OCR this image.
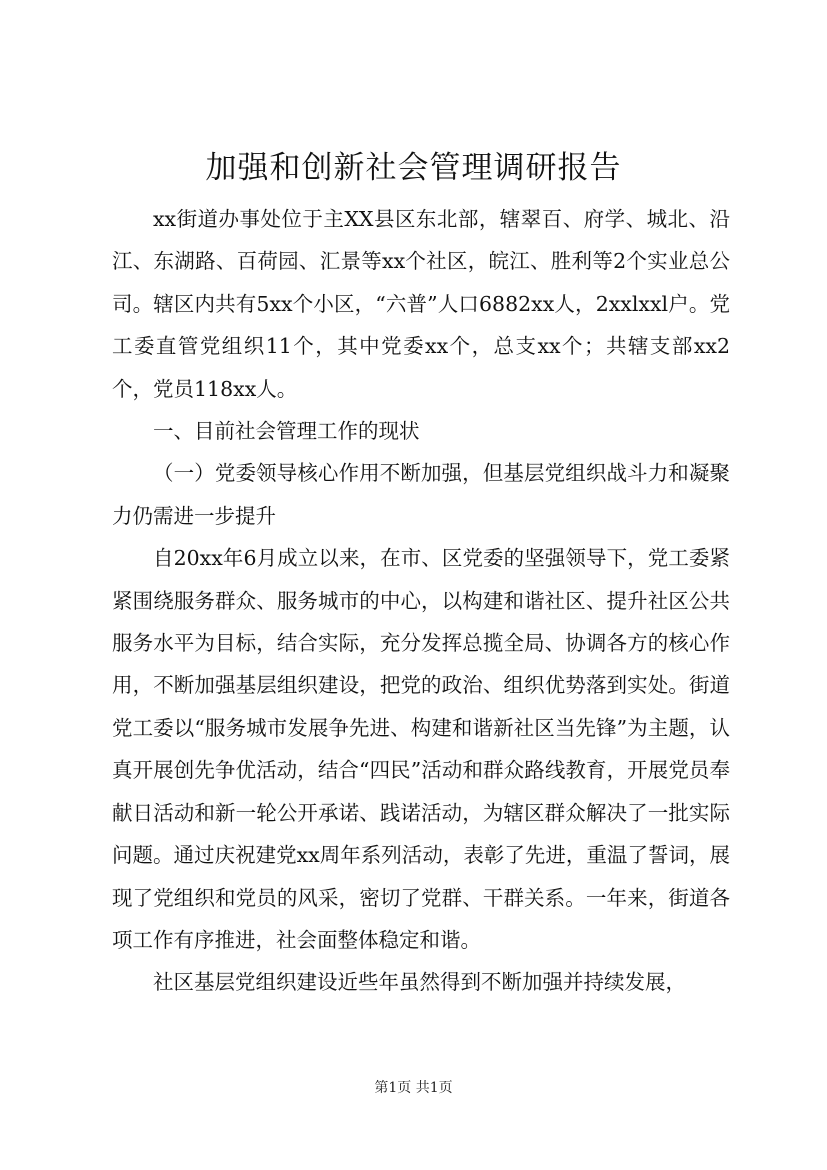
加强和创新社会管理调研报告

xx街道办事处位于主XX县区东北部，辖翠百、府学、城北、沿江、东湖路、百荷园、汇景等xx个社区，皖江、胜利等2个实业总公司。辖区内共有5xx个小区，“六普”人口6882xx人，2xxlxxl户。党工委直管党组织11个，其中党委xx个，总支xx个；共辖支部xx2个，党员118xx人。

一、目前社会管理工作的现状

（一）党委领导核心作用不断加强，但基层党组织战斗力和凝聚力仍需进一步提升

自20xx年6月成立以来，在市、区党委的坚强领导下，党工委紧紧围绕服务群众、服务城市的中心，以构建和谐社区、提升社区公共服务水平为目标，结合实际，充分发挥总揽全局、协调各方的核心作用，不断加强基层组织建设，把党的政治、组织优势落到实处。街道党工委以“服务城市发展争先进、构建和谐新社区当先锋”为主题，认真开展创先争优活动，结合“四民”活动和群众路线教育，开展党员奉献日活动和新一轮公开承诺、践诺活动，为辖区群众解决了一批实际问题。通过庆祝建党xx周年系列活动，表彰了先进，重温了誓词，展现了党组织和党员的风采，密切了党群、干群关系。一年来，街道各项工作有序推进，社会面整体稳定和谐。

社区基层党组织建设近些年虽然得到不断加强并持续发展，

第1页 共1页
